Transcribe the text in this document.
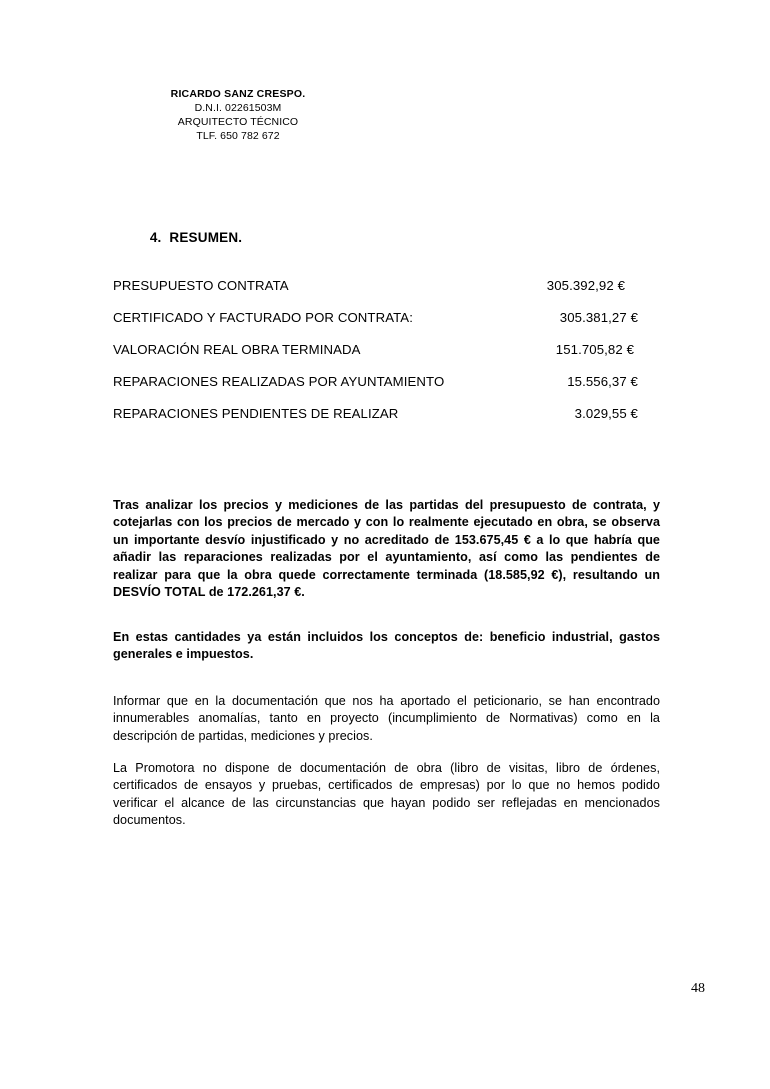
RICARDO SANZ CRESPO.
D.N.I. 02261503M
ARQUITECTO TÉCNICO
TLF. 650 782 672

4. RESUMEN.

PRESUPUESTO CONTRATA	305.392,92 €
CERTIFICADO Y FACTURADO POR CONTRATA:	305.381,27 €
VALORACIÓN REAL OBRA TERMINADA	151.705,82 €
REPARACIONES REALIZADAS POR AYUNTAMIENTO	15.556,37 €
REPARACIONES PENDIENTES DE REALIZAR	3.029,55 €

Tras analizar los precios y mediciones de las partidas del presupuesto de contrata, y cotejarlas con los precios de mercado y con lo realmente ejecutado en obra, se observa un importante desvío injustificado y no acreditado de 153.675,45 € a lo que habría que añadir las reparaciones realizadas por el ayuntamiento, así como las pendientes de realizar para que la obra quede correctamente terminada (18.585,92 €), resultando un DESVÍO TOTAL de 172.261,37 €.

En estas cantidades ya están incluidos los conceptos de: beneficio industrial, gastos generales e impuestos.

Informar que en la documentación que nos ha aportado el peticionario, se han encontrado innumerables anomalías, tanto en proyecto (incumplimiento de Normativas) como en la descripción de partidas, mediciones y precios.

La Promotora no dispone de documentación de obra (libro de visitas, libro de órdenes, certificados de ensayos y pruebas, certificados de empresas) por lo que no hemos podido verificar el alcance de las circunstancias que hayan podido ser reflejadas en mencionados documentos.

48
